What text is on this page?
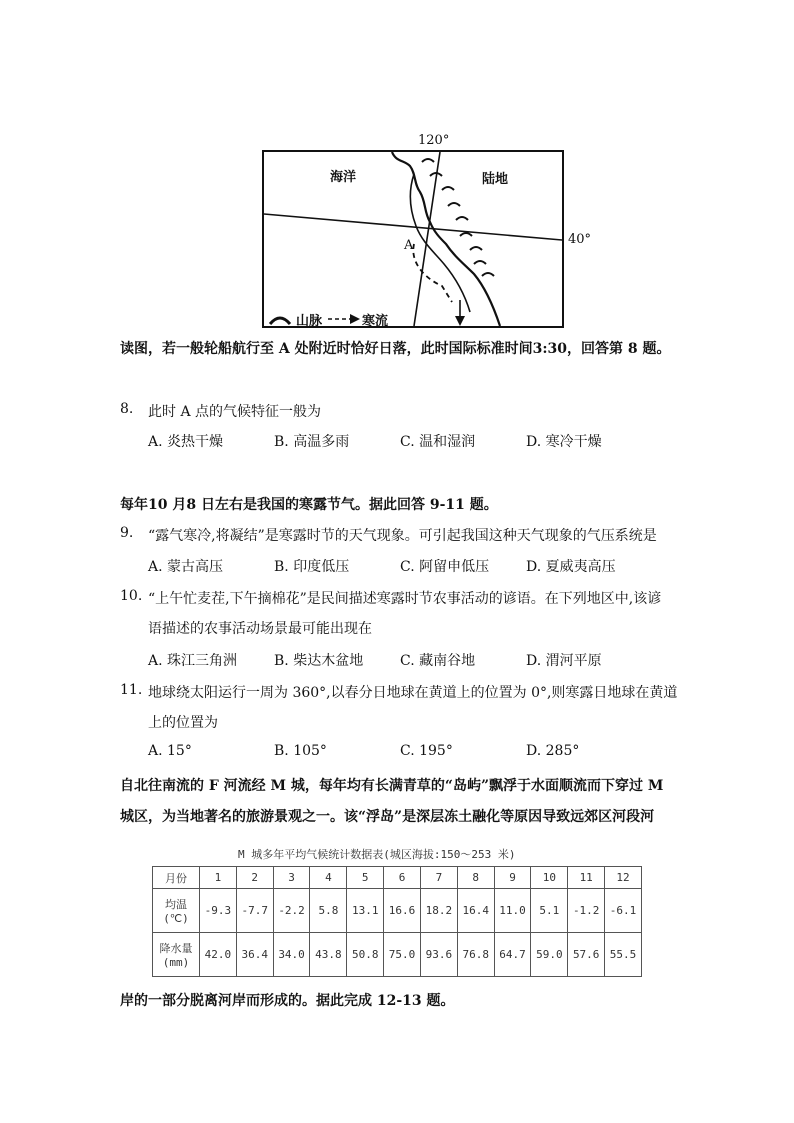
海洋	陆地
A
山脉	寒流
120°
40°
读图，若一般轮船航行至 A 处附近时恰好日落，此时国际标准时间3:30，回答第 8 题。
8. 此时 A 点的气候特征一般为
A. 炎热干燥	B. 高温多雨	C. 温和湿润	D. 寒冷干燥
每年10 月8 日左右是我国的寒露节气。据此回答 9-11 题。
9. “露气寒冷,将凝结”是寒露时节的天气现象。可引起我国这种天气现象的气压系统是
A. 蒙古高压	B. 印度低压	C. 阿留申低压	D. 夏威夷高压
10. “上午忙麦茬,下午摘棉花”是民间描述寒露时节农事活动的谚语。在下列地区中,该谚
语描述的农事活动场景最可能出现在
A. 珠江三角洲	B. 柴达木盆地	C. 藏南谷地	D. 渭河平原
11. 地球绕太阳运行一周为 360°,以春分日地球在黄道上的位置为 0°,则寒露日地球在黄道
上的位置为
A. 15°	B. 105°	C. 195°	D. 285°
自北往南流的 F 河流经 M 城，每年均有长满青草的“岛屿”飘浮于水面顺流而下穿过 M
城区，为当地著名的旅游景观之一。该“浮岛”是深层冻土融化等原因导致远郊区河段河
M 城多年平均气候统计数据表(城区海拔:150～253 米)
月份	1	2	3	4	5	6	7	8	9	10	11	12

均温
(℃)	-9.3	-7.7	-2.2	5.8	13.1	16.6	18.2	16.4	11.0	5.1	-1.2	-6.1

降水量
(mm)	42.0	36.4	34.0	43.8	50.8	75.0	93.6	76.8	64.7	59.0	57.6	55.5
岸的一部分脱离河岸而形成的。据此完成 12-13 题。
